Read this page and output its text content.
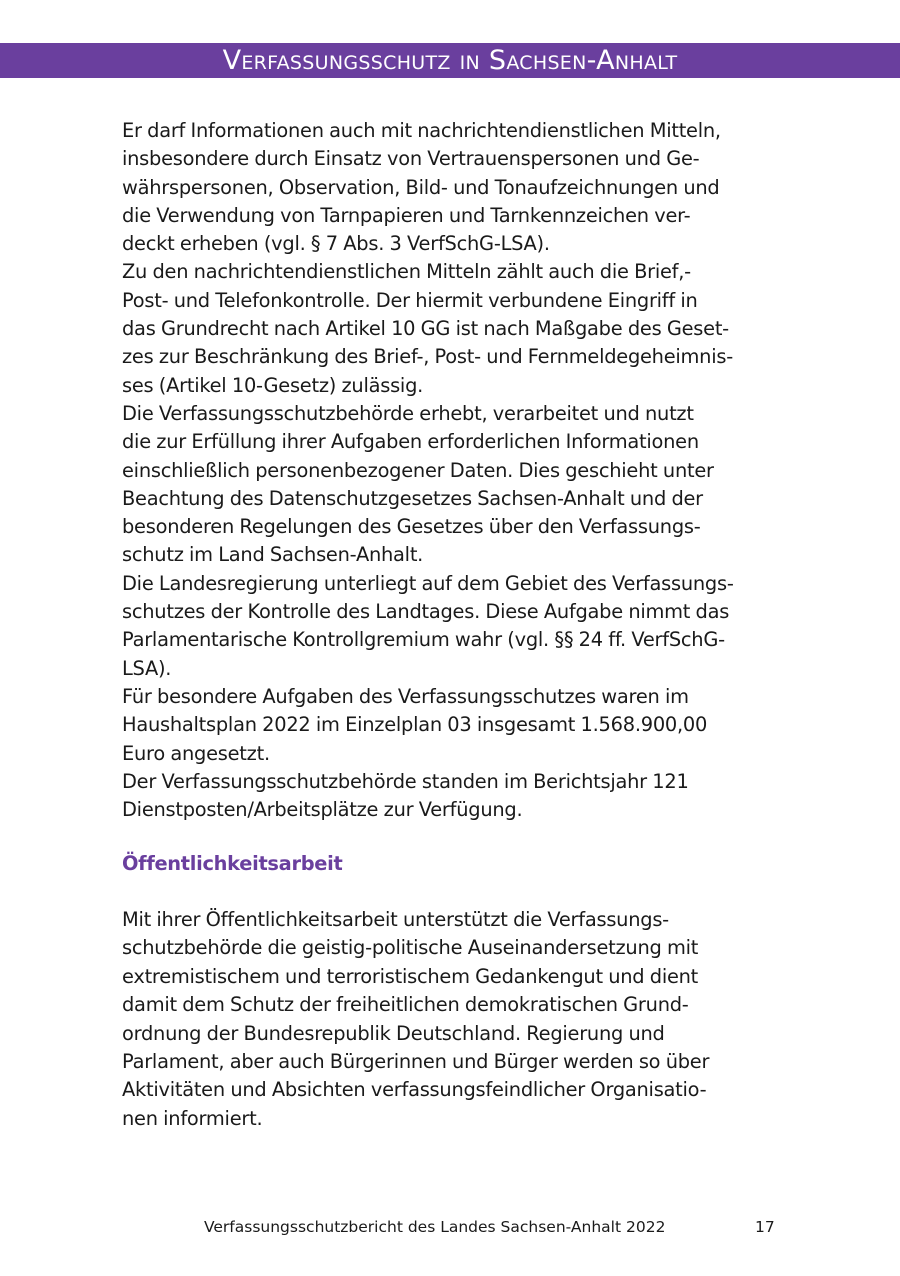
Verfassungsschutz in Sachsen-Anhalt
Er darf Informationen auch mit nachrichtendienstlichen Mitteln,
insbesondere durch Einsatz von Vertrauenspersonen und Ge-
währspersonen, Observation, Bild- und Tonaufzeichnungen und
die Verwendung von Tarnpapieren und Tarnkennzeichen ver-
deckt erheben (vgl. § 7 Abs. 3 VerfSchG-LSA).
Zu den nachrichtendienstlichen Mitteln zählt auch die Brief,-
Post- und Telefonkontrolle. Der hiermit verbundene Eingriff in
das Grundrecht nach Artikel 10 GG ist nach Maßgabe des Geset-
zes zur Beschränkung des Brief-, Post- und Fernmeldegeheimnis-
ses (Artikel 10-Gesetz) zulässig.
Die Verfassungsschutzbehörde erhebt, verarbeitet und nutzt
die zur Erfüllung ihrer Aufgaben erforderlichen Informationen
einschließlich personenbezogener Daten. Dies geschieht unter
Beachtung des Datenschutzgesetzes Sachsen-Anhalt und der
besonderen Regelungen des Gesetzes über den Verfassungs-
schutz im Land Sachsen-Anhalt.
Die Landesregierung unterliegt auf dem Gebiet des Verfassungs-
schutzes der Kontrolle des Landtages. Diese Aufgabe nimmt das
Parlamentarische Kontrollgremium wahr (vgl. §§ 24 ff. VerfSchG-
LSA).
Für besondere Aufgaben des Verfassungsschutzes waren im
Haushaltsplan 2022 im Einzelplan 03 insgesamt 1.568.900,00
Euro angesetzt.
Der Verfassungsschutzbehörde standen im Berichtsjahr 121
Dienstposten/Arbeitsplätze zur Verfügung.
Öffentlichkeitsarbeit
Mit ihrer Öffentlichkeitsarbeit unterstützt die Verfassungs-
schutzbehörde die geistig-politische Auseinandersetzung mit
extremistischem und terroristischem Gedankengut und dient
damit dem Schutz der freiheitlichen demokratischen Grund-
ordnung der Bundesrepublik Deutschland. Regierung und
Parlament, aber auch Bürgerinnen und Bürger werden so über
Aktivitäten und Absichten verfassungsfeindlicher Organisatio-
nen informiert.
Verfassungsschutzbericht des Landes Sachsen-Anhalt 2022	17
